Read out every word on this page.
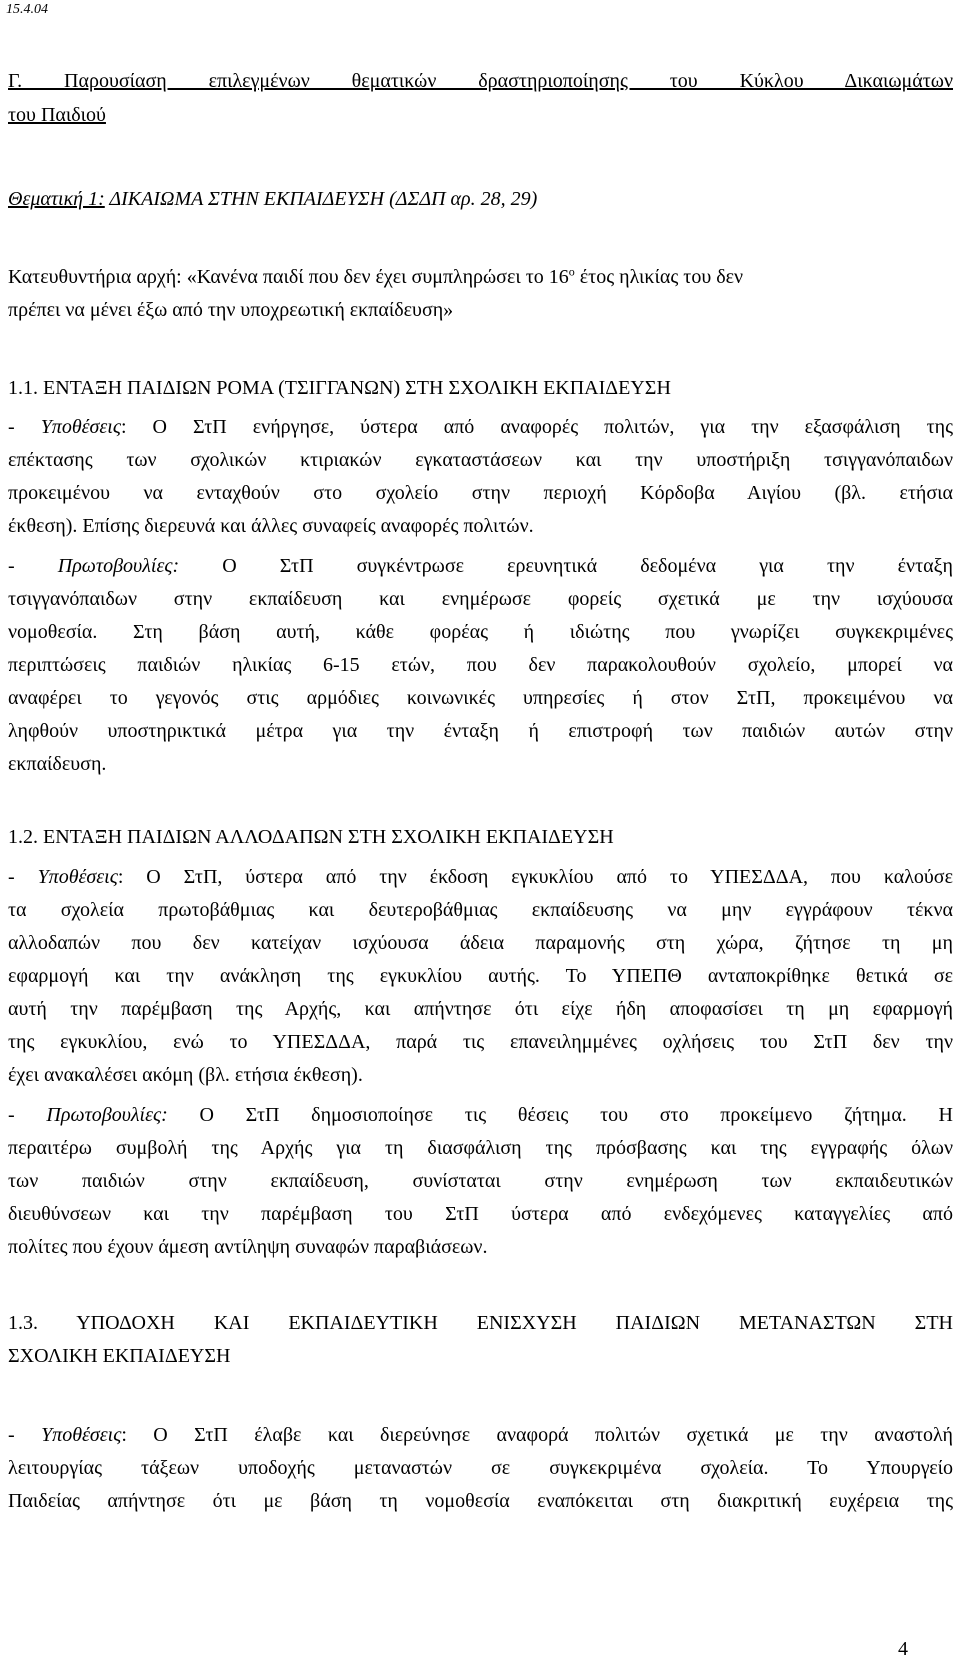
15.4.04
Γ. Παρουσίαση επιλεγμένων θεματικών δραστηριοποίησης του Κύκλου Δικαιωμάτων
του Παιδιού
Θεματική 1: ΔΙΚΑΙΩΜΑ ΣΤΗΝ ΕΚΠΑΙΔΕΥΣΗ (ΔΣΔΠ αρ. 28, 29)
Κατευθυντήρια αρχή: «Κανένα παιδί που δεν έχει συμπληρώσει το $16^o$ έτος ηλικίας του δεν
πρέπει να μένει έξω από την υποχρεωτική εκπαίδευση»
1.1. ΕΝΤΑΞΗ ΠΑΙΔΙΩΝ ΡΟΜΑ (ΤΣΙΓΓΑΝΩΝ) ΣΤΗ ΣΧΟΛΙΚΗ ΕΚΠΑΙΔΕΥΣΗ
- Υποθέσεις: Ο ΣτΠ ενήργησε, ύστερα από αναφορές πολιτών, για την εξασφάλιση της
επέκτασης των σχολικών κτιριακών εγκαταστάσεων και την υποστήριξη τσιγγανόπαιδων
προκειμένου να ενταχθούν στο σχολείο στην περιοχή Κόρδοβα Αιγίου (βλ. ετήσια
έκθεση). Επίσης διερευνά και άλλες συναφείς αναφορές πολιτών.
- Πρωτοβουλίες: Ο ΣτΠ συγκέντρωσε ερευνητικά δεδομένα για την ένταξη
τσιγγανόπαιδων στην εκπαίδευση και ενημέρωσε φορείς σχετικά με την ισχύουσα
νομοθεσία. Στη βάση αυτή, κάθε φορέας ή ιδιώτης που γνωρίζει συγκεκριμένες
περιπτώσεις παιδιών ηλικίας 6-15 ετών, που δεν παρακολουθούν σχολείο, μπορεί να
αναφέρει το γεγονός στις αρμόδιες κοινωνικές υπηρεσίες ή στον ΣτΠ, προκειμένου να
ληφθούν υποστηρικτικά μέτρα για την ένταξη ή επιστροφή των παιδιών αυτών στην
εκπαίδευση.
1.2. ΕΝΤΑΞΗ ΠΑΙΔΙΩΝ ΑΛΛΟΔΑΠΩΝ ΣΤΗ ΣΧΟΛΙΚΗ ΕΚΠΑΙΔΕΥΣΗ
- Υποθέσεις: Ο ΣτΠ, ύστερα από την έκδοση εγκυκλίου από το ΥΠΕΣΔΔΑ, που καλούσε
τα σχολεία πρωτοβάθμιας και δευτεροβάθμιας εκπαίδευσης να μην εγγράφουν τέκνα
αλλοδαπών που δεν κατείχαν ισχύουσα άδεια παραμονής στη χώρα, ζήτησε τη μη
εφαρμογή και την ανάκληση της εγκυκλίου αυτής. Το ΥΠΕΠΘ ανταποκρίθηκε θετικά σε
αυτή την παρέμβαση της Αρχής, και απήντησε ότι είχε ήδη αποφασίσει τη μη εφαρμογή
της εγκυκλίου, ενώ το ΥΠΕΣΔΔΑ, παρά τις επανειλημμένες οχλήσεις του ΣτΠ δεν την
έχει ανακαλέσει ακόμη (βλ. ετήσια έκθεση).
- Πρωτοβουλίες: Ο ΣτΠ δημοσιοποίησε τις θέσεις του στο προκείμενο ζήτημα. Η
περαιτέρω συμβολή της Αρχής για τη διασφάλιση της πρόσβασης και της εγγραφής όλων
των παιδιών στην εκπαίδευση, συνίσταται στην ενημέρωση των εκπαιδευτικών
διευθύνσεων και την παρέμβαση του ΣτΠ ύστερα από ενδεχόμενες καταγγελίες από
πολίτες που έχουν άμεση αντίληψη συναφών παραβιάσεων.
1.3. ΥΠΟΔΟΧΗ ΚΑΙ ΕΚΠΑΙΔΕΥΤΙΚΗ ΕΝΙΣΧΥΣΗ ΠΑΙΔΙΩΝ ΜΕΤΑΝΑΣΤΩΝ ΣΤΗ
ΣΧΟΛΙΚΗ ΕΚΠΑΙΔΕΥΣΗ
- Υποθέσεις: Ο ΣτΠ έλαβε και διερεύνησε αναφορά πολιτών σχετικά με την αναστολή
λειτουργίας τάξεων υποδοχής μεταναστών σε συγκεκριμένα σχολεία. Το Υπουργείο
Παιδείας απήντησε ότι με βάση τη νομοθεσία εναπόκειται στη διακριτική ευχέρεια της
4
